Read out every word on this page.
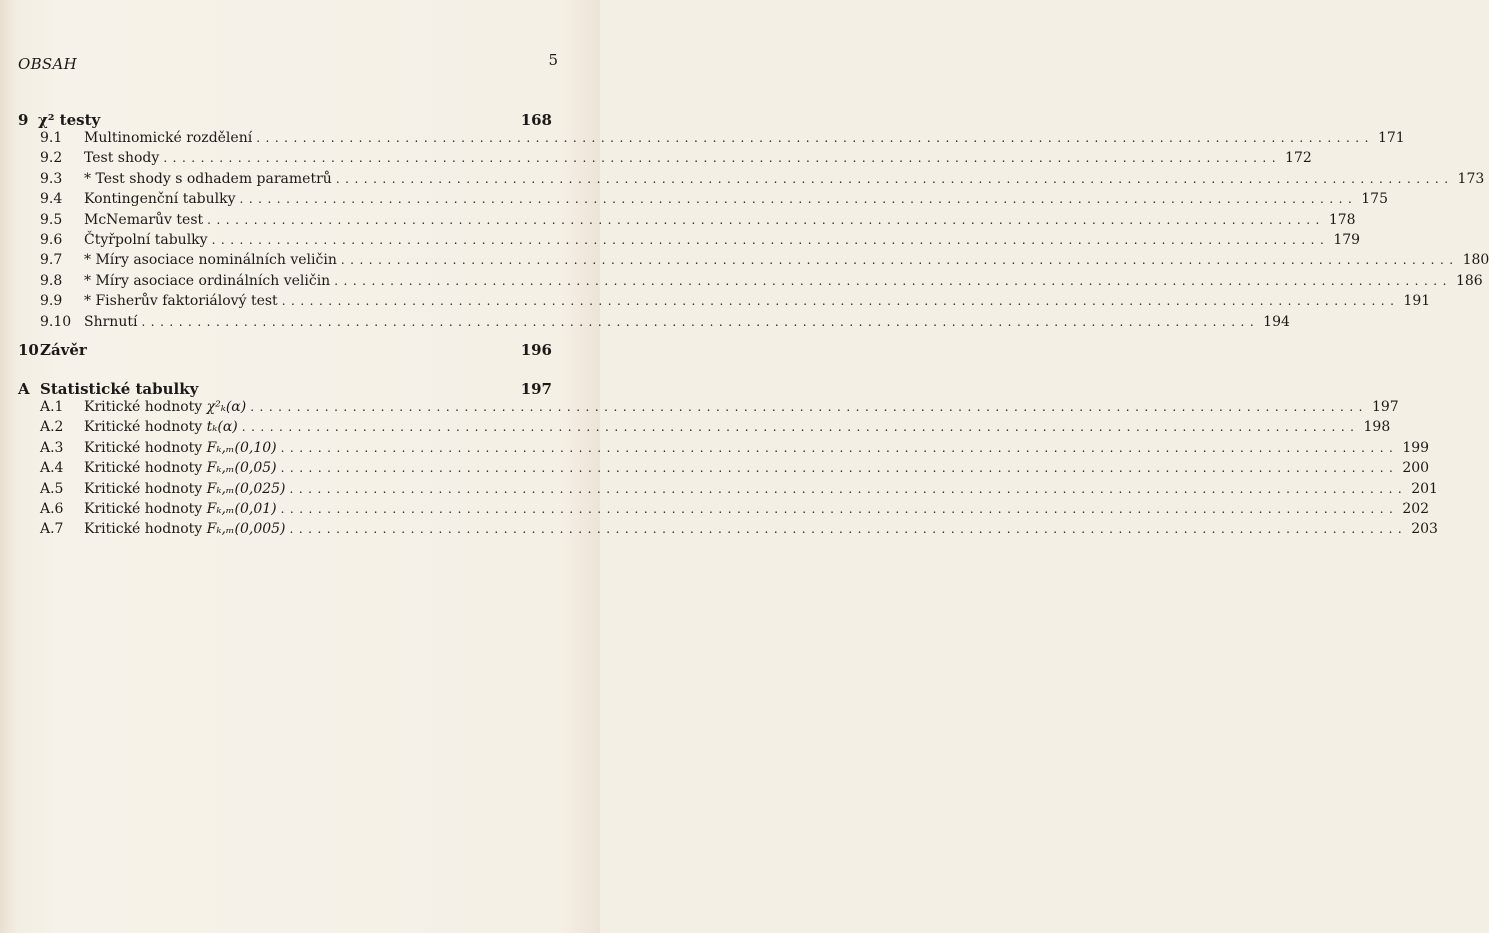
OBSAH	5
9 χ² testy	168
9.1	Multinomické rozdělení ........................................................................................................................ 171
9.2	Test shody ........................................................................................................................ 172
9.3	* Test shody s odhadem parametrů ........................................................................................................................ 173
9.4	Kontingenční tabulky ........................................................................................................................ 175
9.5	McNemarův test ........................................................................................................................ 178
9.6	Čtyřpolní tabulky ........................................................................................................................ 179
9.7	* Míry asociace nominálních veličin ........................................................................................................................ 180
9.8	* Míry asociace ordinálních veličin ........................................................................................................................ 186
9.9	* Fisherův faktoriálový test ........................................................................................................................ 191
9.10 Shrnutí ........................................................................................................................ 194
10 Závěr	196
A Statistické tabulky	197
A.1	Kritické hodnoty χ²ₖ(α) ........................................................................................................................ 197
A.2	Kritické hodnoty tₖ(α) ........................................................................................................................ 198
A.3	Kritické hodnoty Fₖ,ₘ(0,10) ........................................................................................................................ 199
A.4	Kritické hodnoty Fₖ,ₘ(0,05) ........................................................................................................................ 200
A.5	Kritické hodnoty Fₖ,ₘ(0,025) ........................................................................................................................ 201
A.6	Kritické hodnoty Fₖ,ₘ(0,01) ........................................................................................................................ 202
A.7	Kritické hodnoty Fₖ,ₘ(0,005) ........................................................................................................................ 203
